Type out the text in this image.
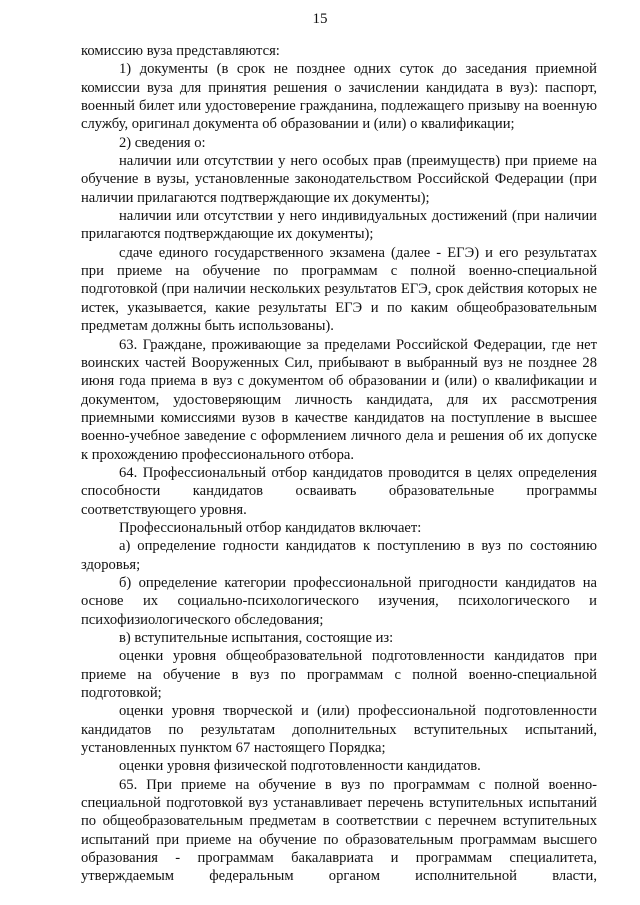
15

комиссию вуза представляются:

1) документы (в срок не позднее одних суток до заседания приемной комиссии вуза для принятия решения о зачислении кандидата в вуз): паспорт, военный билет или удостоверение гражданина, подлежащего призыву на военную службу, оригинал документа об образовании и (или) о квалификации;

2) сведения о:

наличии или отсутствии у него особых прав (преимуществ) при приеме на обучение в вузы, установленные законодательством Российской Федерации (при наличии прилагаются подтверждающие их документы);

наличии или отсутствии у него индивидуальных достижений (при наличии прилагаются подтверждающие их документы);

сдаче единого государственного экзамена (далее - ЕГЭ) и его результатах при приеме на обучение по программам с полной военно-специальной подготовкой (при наличии нескольких результатов ЕГЭ, срок действия которых не истек, указывается, какие результаты ЕГЭ и по каким общеобразовательным предметам должны быть использованы).

63. Граждане, проживающие за пределами Российской Федерации, где нет воинских частей Вооруженных Сил, прибывают в выбранный вуз не позднее 28 июня года приема в вуз с документом об образовании и (или) о квалификации и документом, удостоверяющим личность кандидата, для их рассмотрения приемными комиссиями вузов в качестве кандидатов на поступление в высшее военно-учебное заведение с оформлением личного дела и решения об их допуске к прохождению профессионального отбора.

64. Профессиональный отбор кандидатов проводится в целях определения способности кандидатов осваивать образовательные программы соответствующего уровня.

Профессиональный отбор кандидатов включает:

а) определение годности кандидатов к поступлению в вуз по состоянию здоровья;

б) определение категории профессиональной пригодности кандидатов на основе их социально-психологического изучения, психологического и психофизиологического обследования;

в) вступительные испытания, состоящие из:

оценки уровня общеобразовательной подготовленности кандидатов при приеме на обучение в вуз по программам с полной военно-специальной подготовкой;

оценки уровня творческой и (или) профессиональной подготовленности кандидатов по результатам дополнительных вступительных испытаний, установленных пунктом 67 настоящего Порядка;

оценки уровня физической подготовленности кандидатов.

65. При приеме на обучение в вуз по программам с полной военно-специальной подготовкой вуз устанавливает перечень вступительных испытаний по общеобразовательным предметам в соответствии с перечнем вступительных испытаний при приеме на обучение по образовательным программам высшего образования - программам бакалавриата и программам специалитета, утверждаемым федеральным органом исполнительной власти,
